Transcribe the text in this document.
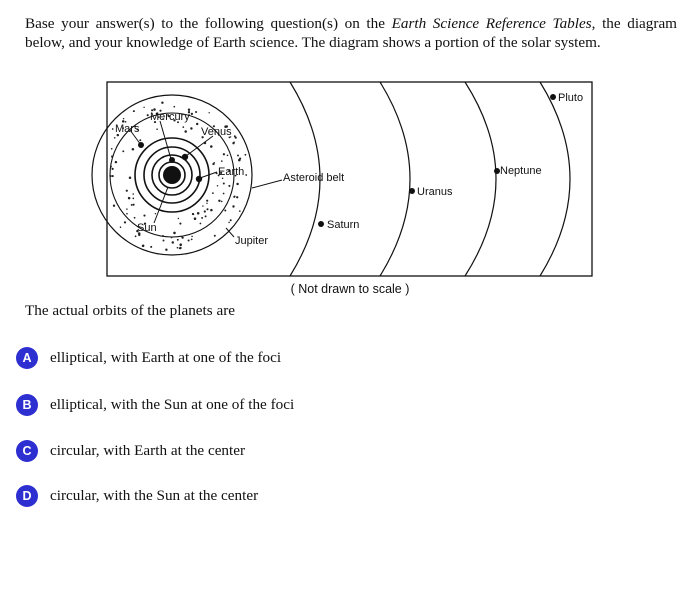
Base your answer(s) to the following question(s) on the Earth Science Reference Tables, the diagram below, and your knowledge of Earth science. The diagram shows a portion of the solar system.
Mars
Mercury
Venus
Earth
Sun
Jupiter
Asteroid belt
Saturn
Uranus
Neptune
Pluto
( Not drawn to scale )
The actual orbits of the planets are
A	elliptical, with Earth at one of the foci
B	elliptical, with the Sun at one of the foci
C	circular, with Earth at the center
D	circular, with the Sun at the center
